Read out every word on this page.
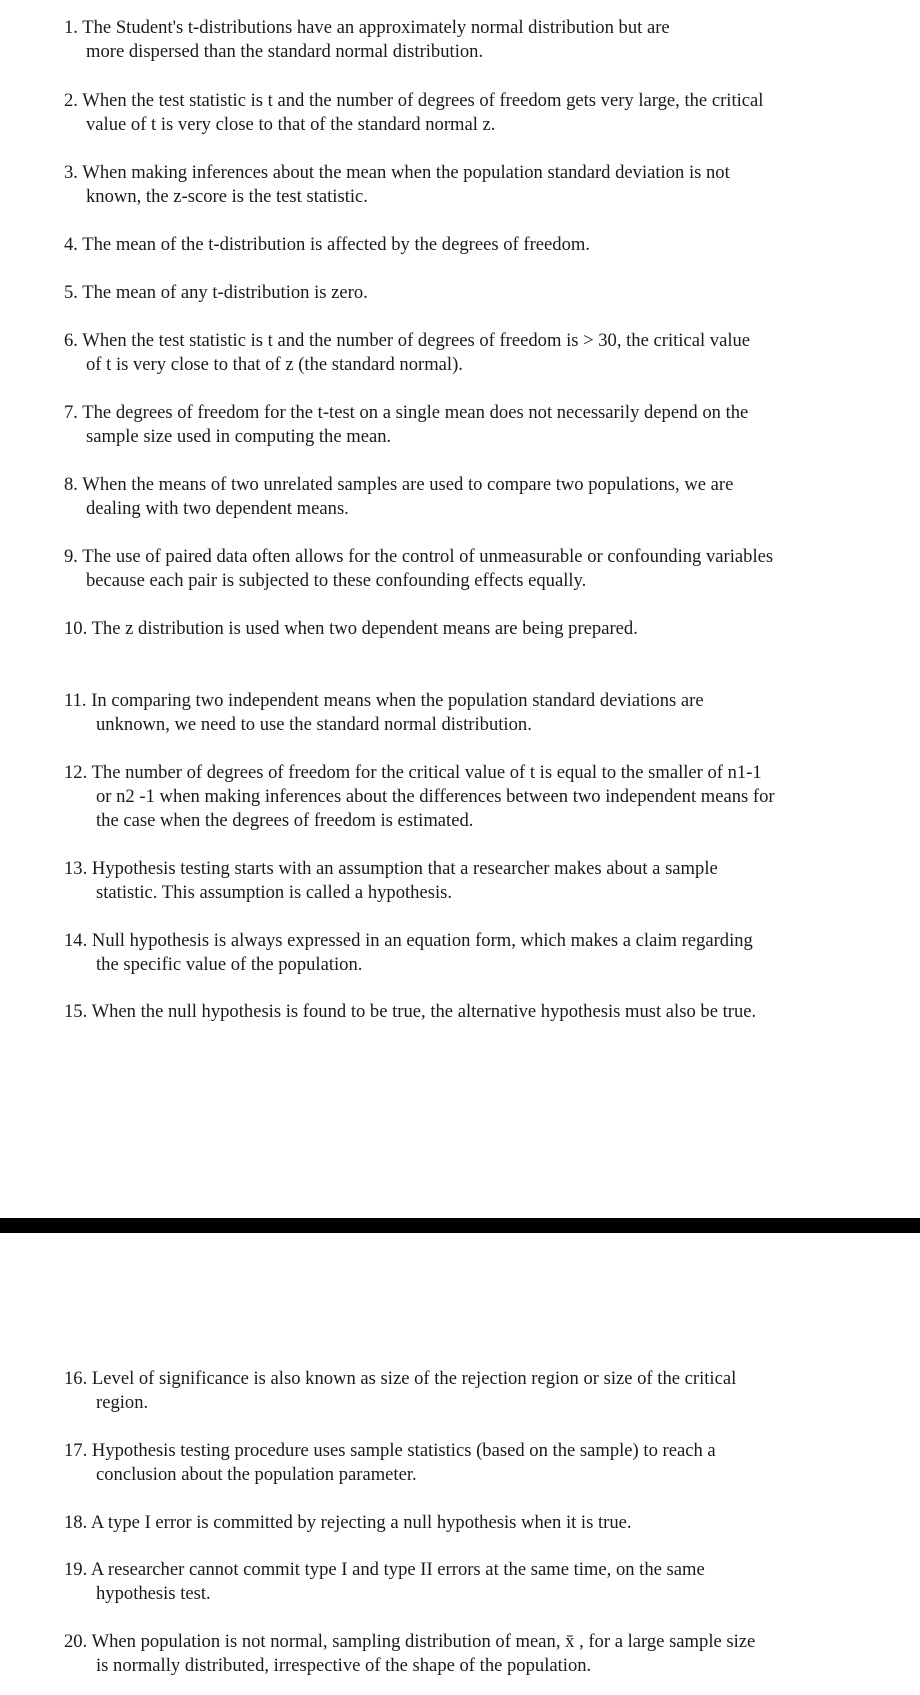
1. The Student's t-distributions have an approximately normal distribution but are
more dispersed than the standard normal distribution.

2. When the test statistic is t and the number of degrees of freedom gets very large, the critical
value of t is very close to that of the standard normal z.

3. When making inferences about the mean when the population standard deviation is not
known, the z-score is the test statistic.

4. The mean of the t-distribution is affected by the degrees of freedom.

5. The mean of any t-distribution is zero.

6. When the test statistic is t and the number of degrees of freedom is > 30, the critical value
of t is very close to that of z (the standard normal).

7. The degrees of freedom for the t-test on a single mean does not necessarily depend on the
sample size used in computing the mean.

8. When the means of two unrelated samples are used to compare two populations, we are
dealing with two dependent means.

9. The use of paired data often allows for the control of unmeasurable or confounding variables
because each pair is subjected to these confounding effects equally.

10. The z distribution is used when two dependent means are being prepared.

11. In comparing two independent means when the population standard deviations are
unknown, we need to use the standard normal distribution.

12. The number of degrees of freedom for the critical value of t is equal to the smaller of n1-1
or n2 -1 when making inferences about the differences between two independent means for
the case when the degrees of freedom is estimated.

13. Hypothesis testing starts with an assumption that a researcher makes about a sample
statistic. This assumption is called a hypothesis.

14. Null hypothesis is always expressed in an equation form, which makes a claim regarding
the specific value of the population.

15. When the null hypothesis is found to be true, the alternative hypothesis must also be true.

16. Level of significance is also known as size of the rejection region or size of the critical
region.

17. Hypothesis testing procedure uses sample statistics (based on the sample) to reach a
conclusion about the population parameter.

18. A type I error is committed by rejecting a null hypothesis when it is true.

19. A researcher cannot commit type I and type II errors at the same time, on the same
hypothesis test.

20. When population is not normal, sampling distribution of mean, x̄ , for a large sample size
is normally distributed, irrespective of the shape of the population.
